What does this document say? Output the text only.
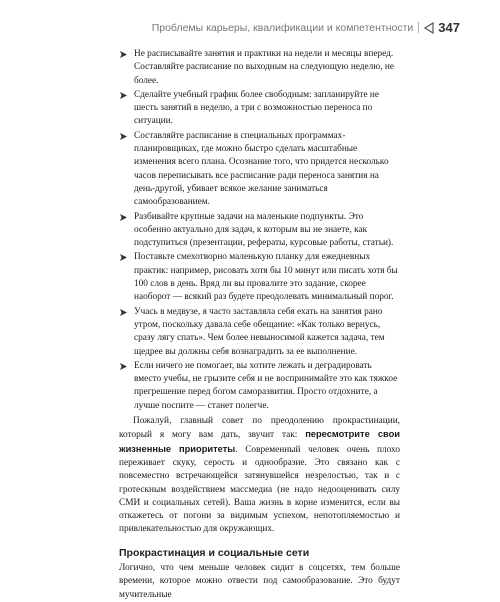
Проблемы карьеры, квалификации и компетентности 347
Не расписывайте занятия и практики на недели и месяцы вперед. Составляйте расписание по выходным на следующую неделю, не более.
Сделайте учебный график более свободным: запланируйте не шесть занятий в неделю, а три с возможностью переноса по ситуации.
Составляйте расписание в специальных программах-планировщиках, где можно быстро сделать масштабные изменения всего плана. Осознание того, что придется несколько часов переписывать все расписание ради переноса занятия на день-другой, убивает всякое желание заниматься самообразованием.
Разбивайте крупные задачи на маленькие подпункты. Это особенно актуально для задач, к которым вы не знаете, как подступиться (презентации, рефераты, курсовые работы, статьи).
Поставьте смехотворно маленькую планку для ежедневных практик: например, рисовать хотя бы 10 минут или писать хотя бы 100 слов в день. Вряд ли вы провалите это задание, скорее наоборот — всякий раз будете преодолевать минимальный порог.
Учась в медвузе, я часто заставляла себя ехать на занятия рано утром, поскольку давала себе обещание: «Как только вернусь, сразу лягу спать». Чем более невыносимой кажется задача, тем щедрее вы должны себя вознаградить за ее выполнение.
Если ничего не помогает, вы хотите лежать и деградировать вместо учебы, не грызите себя и не воспринимайте это как тяжкое прегрешение перед богом саморазвития. Просто отдохните, а лучше поспите — станет полегче.

Пожалуй, главный совет по преодолению прокрастинации, который я могу вам дать, звучит так: пересмотрите свои жизненные приоритеты. Современный человек очень плохо переживает скуку, серость и однообразие. Это связано как с повсеместно встречающейся затянувшейся незрелостью, так и с гротескным воздействием массмедиа (не надо недооценивать силу СМИ и социальных сетей). Ваша жизнь в корне изменится, если вы откажетесь от погони за видимым успехом, непотопляемостью и привлекательностью для окружающих.

Прокрастинация и социальные сети

Логично, что чем меньше человек сидит в соцсетях, тем больше времени, которое можно отвести под самообразование. Это будут мучительные
